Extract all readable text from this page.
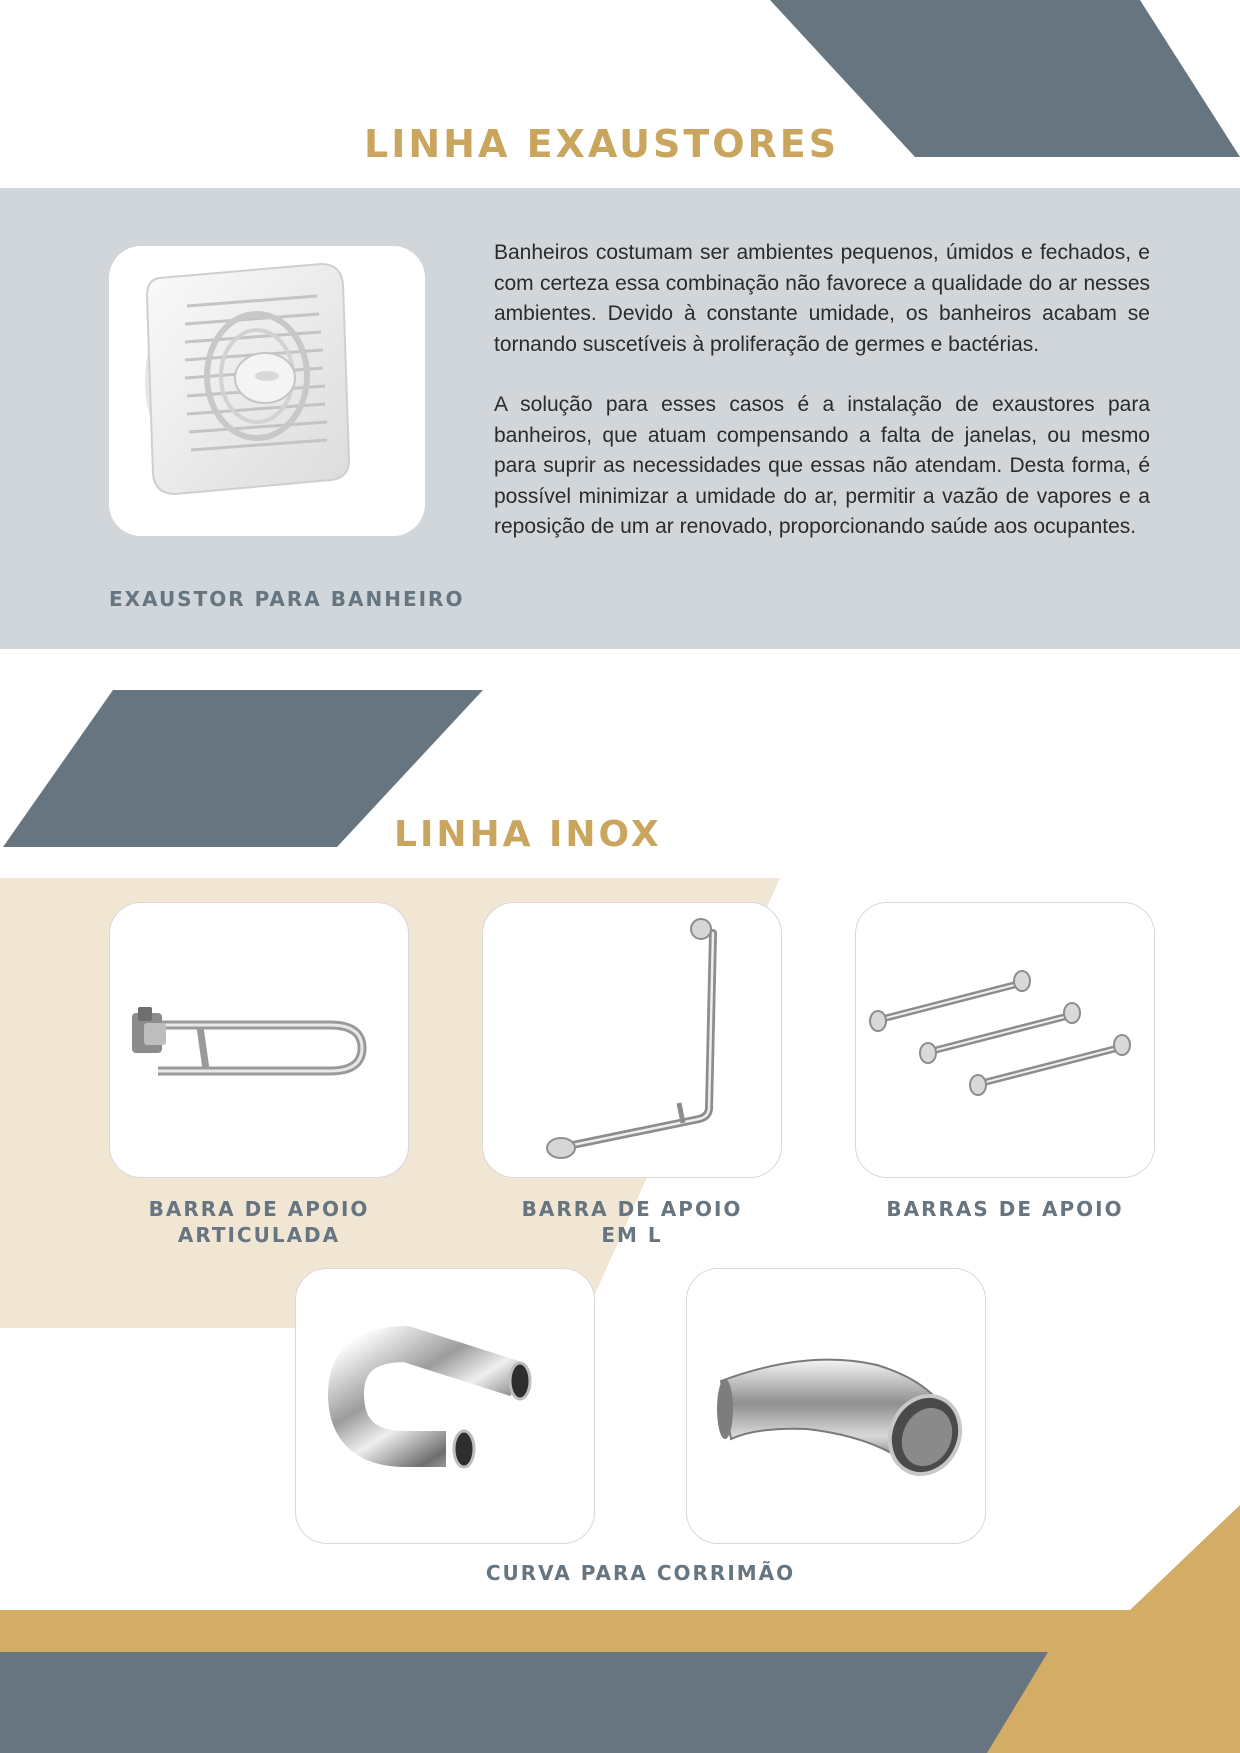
LINHA EXAUSTORES

Banheiros costumam ser ambientes pequenos, úmidos e fechados, e com certeza essa combinação não favorece a qualidade do ar nesses ambientes. Devido à constante umidade, os banheiros acabam se tornando suscetíveis à proliferação de germes e bactérias.

A solução para esses casos é a instalação de exaustores para banheiros, que atuam compensando a falta de janelas, ou mesmo para suprir as necessidades que essas não atendam. Desta forma, é possível minimizar a umidade do ar, permitir a vazão de vapores e a reposição de um ar renovado, proporcionando saúde aos ocupantes.

EXAUSTOR PARA BANHEIRO
LINHA INOX
BARRA DE APOIO
ARTICULADA
BARRA DE APOIO
EM L
BARRAS DE APOIO
CURVA PARA CORRIMÃO
